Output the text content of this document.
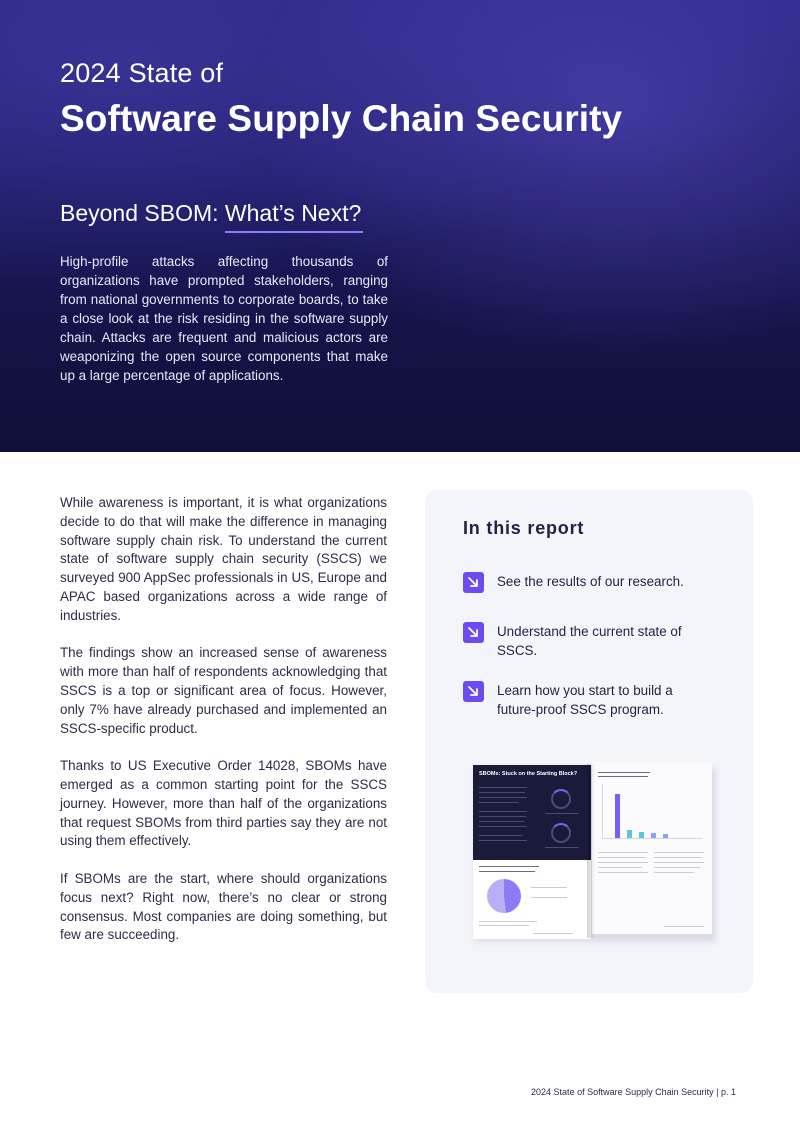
2024 State of
Software Supply Chain Security
Beyond SBOM: What’s Next?

High-profile attacks affecting thousands of organizations have prompted stakeholders, ranging from national governments to corporate boards, to take a close look at the risk residing in the software supply chain. Attacks are frequent and malicious actors are weaponizing the open source components that make up a large percentage of applications.

While awareness is important, it is what organizations decide to do that will make the difference in managing software supply chain risk. To understand the current state of software supply chain security (SSCS) we surveyed 900 AppSec professionals in US, Europe and APAC based organizations across a wide range of industries.

The findings show an increased sense of awareness with more than half of respondents acknowledging that SSCS is a top or significant area of focus. However, only 7% have already purchased and implemented an SSCS-specific product.

Thanks to US Executive Order 14028, SBOMs have emerged as a common starting point for the SSCS journey. However, more than half of the organizations that request SBOMs from third parties say they are not using them effectively.

If SBOMs are the start, where should organizations focus next? Right now, there’s no clear or strong consensus. Most companies are doing something, but few are succeeding.

In this report
See the results of our research.
Understand the current state of SSCS.
Learn how you start to build a future-proof SSCS program.
SBOMs: Stuck on the Starting Block?
2024 State of Software Supply Chain Security | p. 1
